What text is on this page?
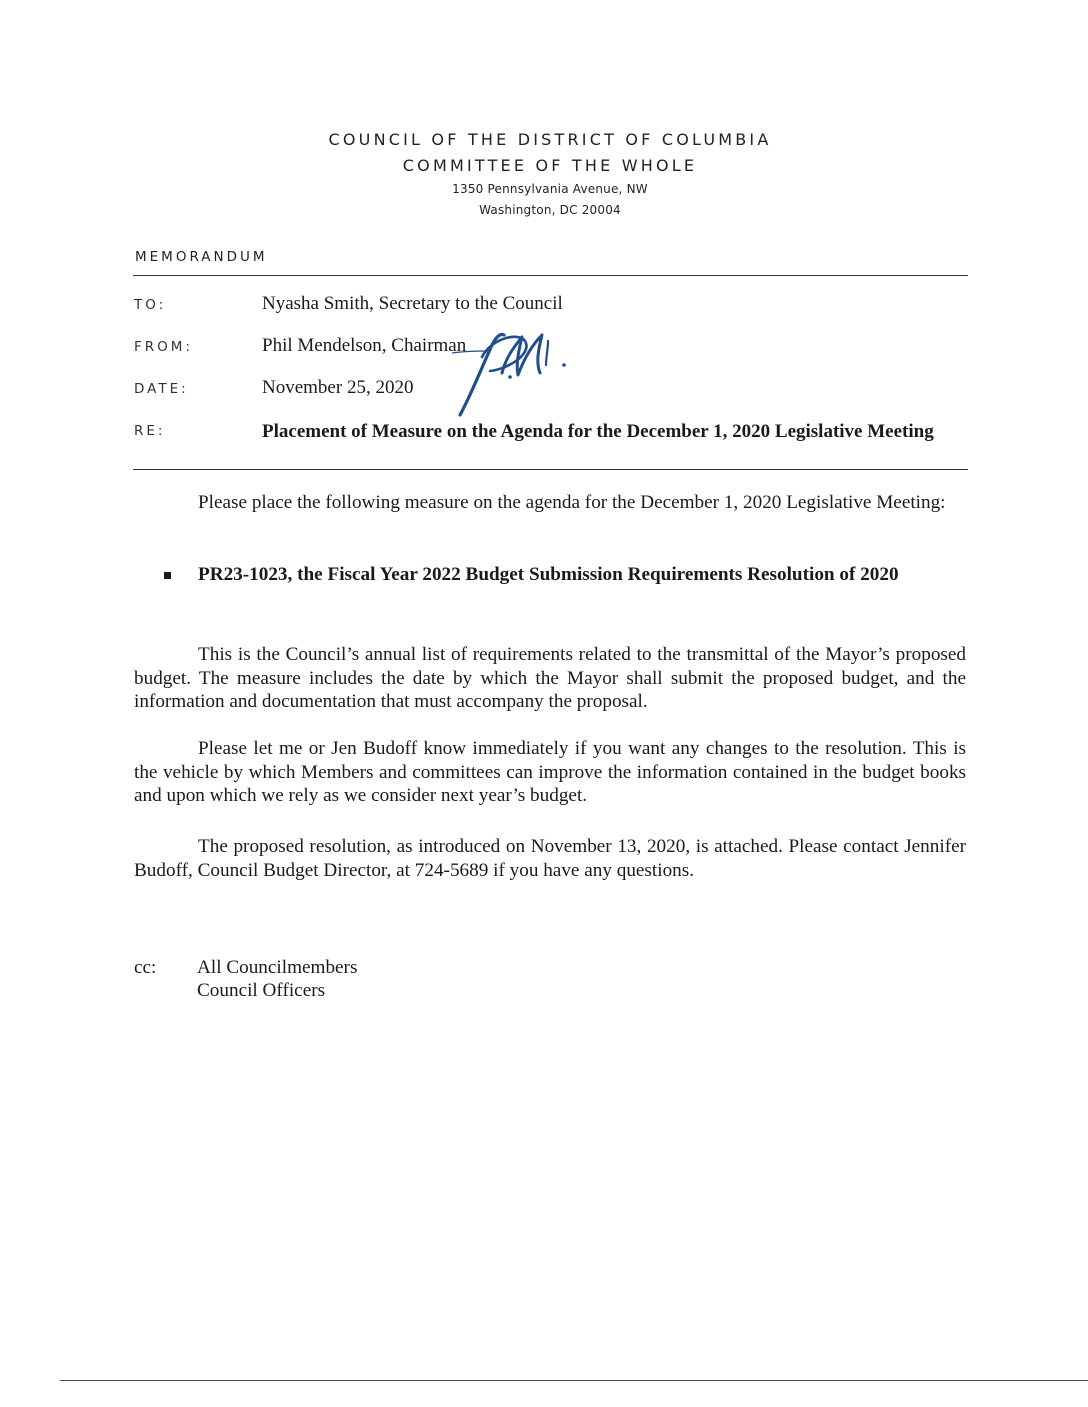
COUNCIL OF THE DISTRICT OF COLUMBIA
COMMITTEE OF THE WHOLE
1350 Pennsylvania Avenue, NW
Washington, DC 20004
MEMORANDUM
TO:	Nyasha Smith, Secretary to the Council
FROM:	Phil Mendelson, Chairman
DATE:	November 25, 2020
RE:	Placement of Measure on the Agenda for the December 1, 2020 Legislative Meeting
Please place the following measure on the agenda for the December 1, 2020 Legislative Meeting:
PR23-1023, the Fiscal Year 2022 Budget Submission Requirements Resolution of 2020
This is the Council’s annual list of requirements related to the transmittal of the Mayor’s proposed budget. The measure includes the date by which the Mayor shall submit the proposed budget, and the information and documentation that must accompany the proposal.
Please let me or Jen Budoff know immediately if you want any changes to the resolution. This is the vehicle by which Members and committees can improve the information contained in the budget books and upon which we rely as we consider next year’s budget.
The proposed resolution, as introduced on November 13, 2020, is attached. Please contact Jennifer Budoff, Council Budget Director, at 724-5689 if you have any questions.
cc: All Councilmembers
Council Officers
